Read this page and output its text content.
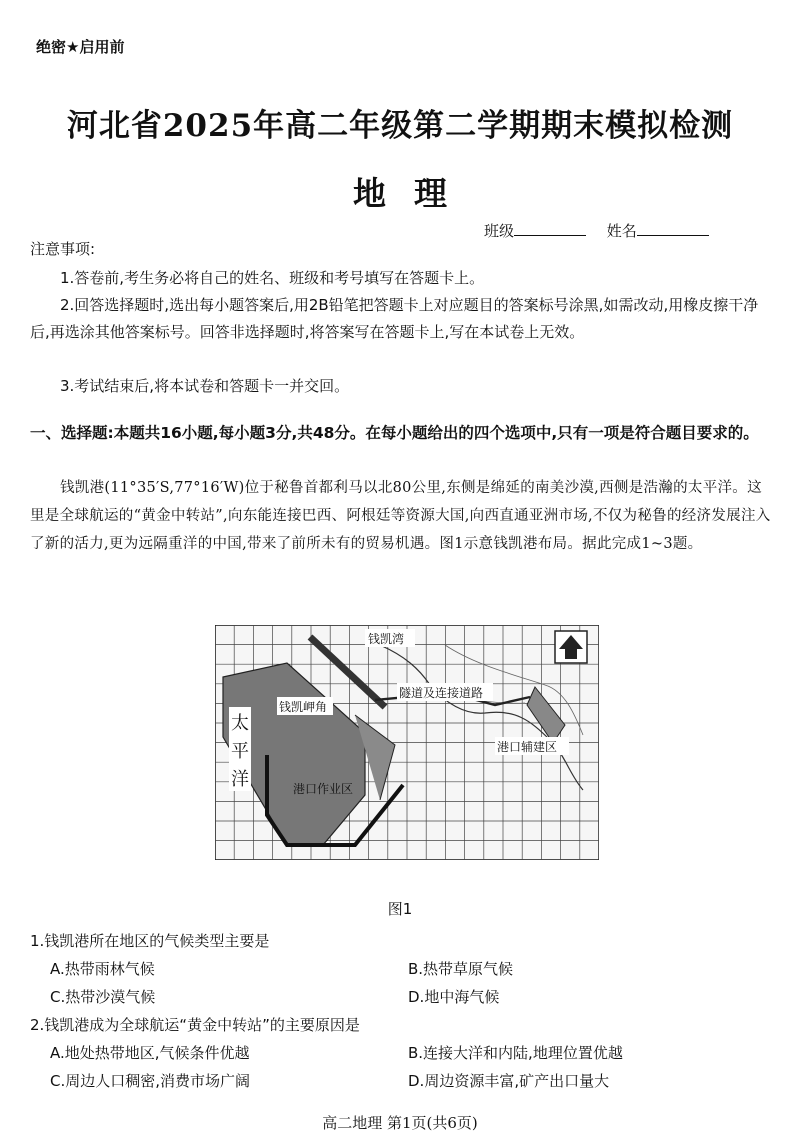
绝密★启用前
河北省2025年高二年级第二学期期末模拟检测
地理
班级	姓名
注意事项:
1.答卷前,考生务必将自己的姓名、班级和考号填写在答题卡上。
2.回答选择题时,选出每小题答案后,用2B铅笔把答题卡上对应题目的答案标号涂黑,如需改动,用橡皮擦干净后,再选涂其他答案标号。回答非选择题时,将答案写在答题卡上,写在本试卷上无效。
3.考试结束后,将本试卷和答题卡一并交回。
一、选择题:本题共16小题,每小题3分,共48分。在每小题给出的四个选项中,只有一项是符合题目要求的。
钱凯港(11°35′S,77°16′W)位于秘鲁首都利马以北80公里,东侧是绵延的南美沙漠,西侧是浩瀚的太平洋。这里是全球航运的“黄金中转站”,向东能连接巴西、阿根廷等资源大国,向西直通亚洲市场,不仅为秘鲁的经济发展注入了新的活力,更为远隔重洋的中国,带来了前所未有的贸易机遇。图1示意钱凯港布局。据此完成1~3题。
钱凯湾
隧道及连接道路
钱凯岬角
港口辅建区
太
平
洋	港口作业区
图1
1.钱凯港所在地区的气候类型主要是
A.热带雨林气候	B.热带草原气候
C.热带沙漠气候	D.地中海气候
2.钱凯港成为全球航运“黄金中转站”的主要原因是
A.地处热带地区,气候条件优越	B.连接大洋和内陆,地理位置优越
C.周边人口稠密,消费市场广阔	D.周边资源丰富,矿产出口量大
高二地理 第1页(共6页)
